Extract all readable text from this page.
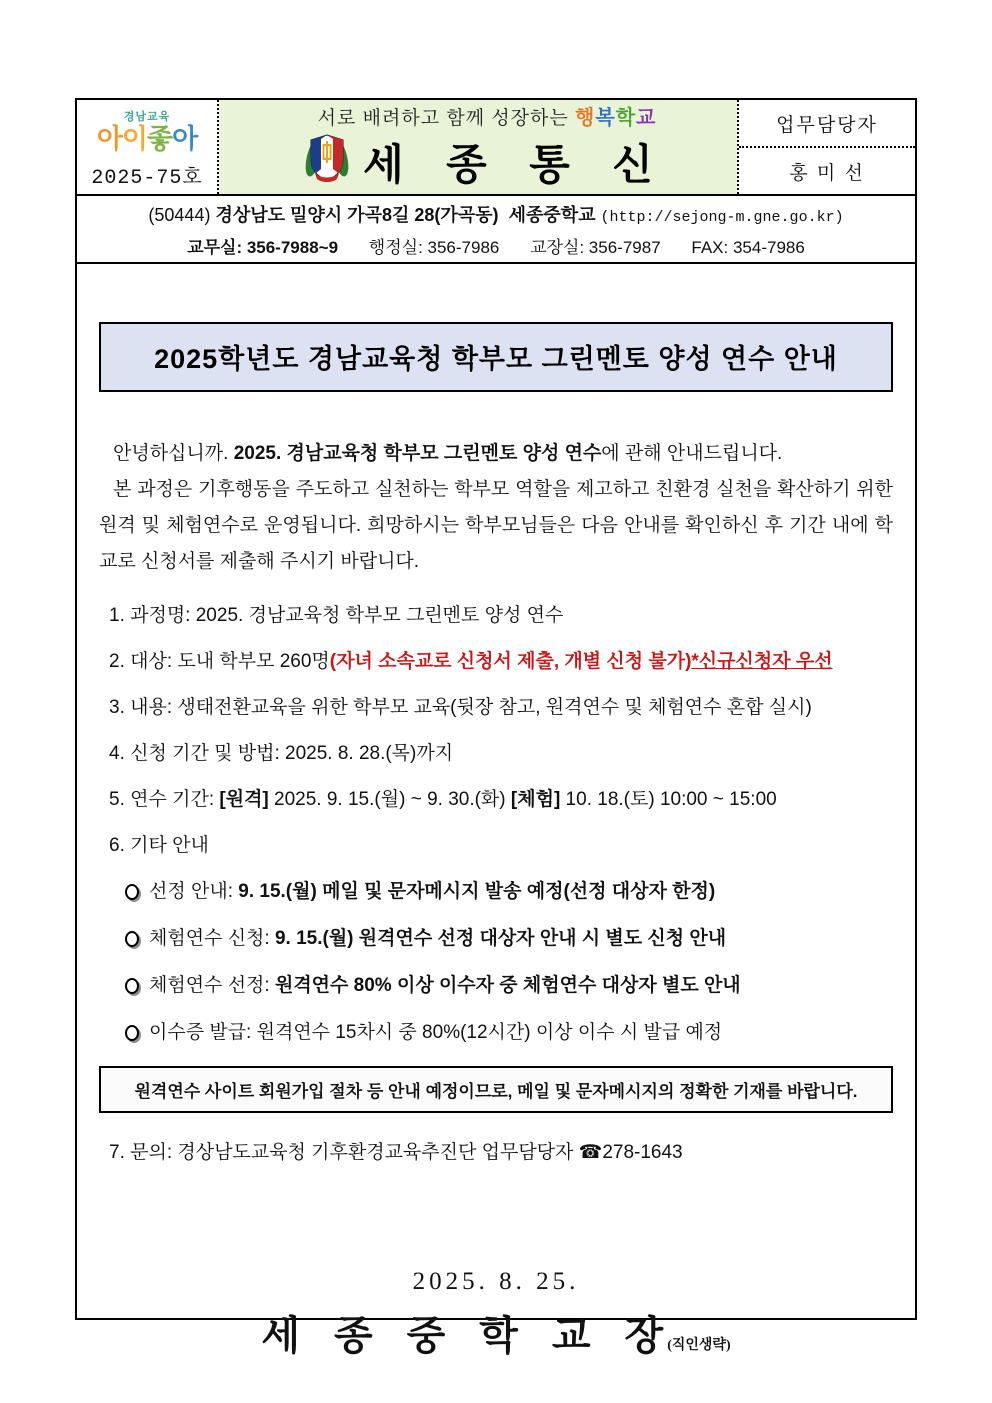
경남교육
아이좋아
2025-75호
서로 배려하고 함께 성장하는 행복학교
세 종 통 신
업무담당자
홍 미 선
(50444) 경상남도 밀양시 가곡8길 28(가곡동) 세종중학교 (http://sejong-m.gne.go.kr)
교무실: 356-7988~9 행정실: 356-7986 교장실: 356-7987 FAX: 354-7986
2025학년도 경남교육청 학부모 그린멘토 양성 연수 안내

안녕하십니까. 2025. 경남교육청 학부모 그린멘토 양성 연수에 관해 안내드립니다.

본 과정은 기후행동을 주도하고 실천하는 학부모 역할을 제고하고 친환경 실천을 확산하기 위한 원격 및 체험연수로 운영됩니다. 희망하시는 학부모님들은 다음 안내를 확인하신 후 기간 내에 학교로 신청서를 제출해 주시기 바랍니다.

1. 과정명: 2025. 경남교육청 학부모 그린멘토 양성 연수
2. 대상: 도내 학부모 260명(자녀 소속교로 신청서 제출, 개별 신청 불가)*신규신청자 우선
3. 내용: 생태전환교육을 위한 학부모 교육(뒷장 참고, 원격연수 및 체험연수 혼합 실시)
4. 신청 기간 및 방법: 2025. 8. 28.(목)까지
5. 연수 기간: [원격] 2025. 9. 15.(월) ~ 9. 30.(화) [체험] 10. 18.(토) 10:00 ~ 15:00
6. 기타 안내
선정 안내: 9. 15.(월) 메일 및 문자메시지 발송 예정(선정 대상자 한정)
체험연수 신청: 9. 15.(월) 원격연수 선정 대상자 안내 시 별도 신청 안내
체험연수 선정: 원격연수 80% 이상 이수자 중 체험연수 대상자 별도 안내
이수증 발급: 원격연수 15차시 중 80%(12시간) 이상 이수 시 발급 예정
원격연수 사이트 회원가입 절차 등 안내 예정이므로, 메일 및 문자메시지의 정확한 기재를 바랍니다.
7. 문의: 경상남도교육청 기후환경교육추진단 업무담당자 ☎278-1643
2025. 8. 25.
세 종 중 학 교 장
(직인생략)
